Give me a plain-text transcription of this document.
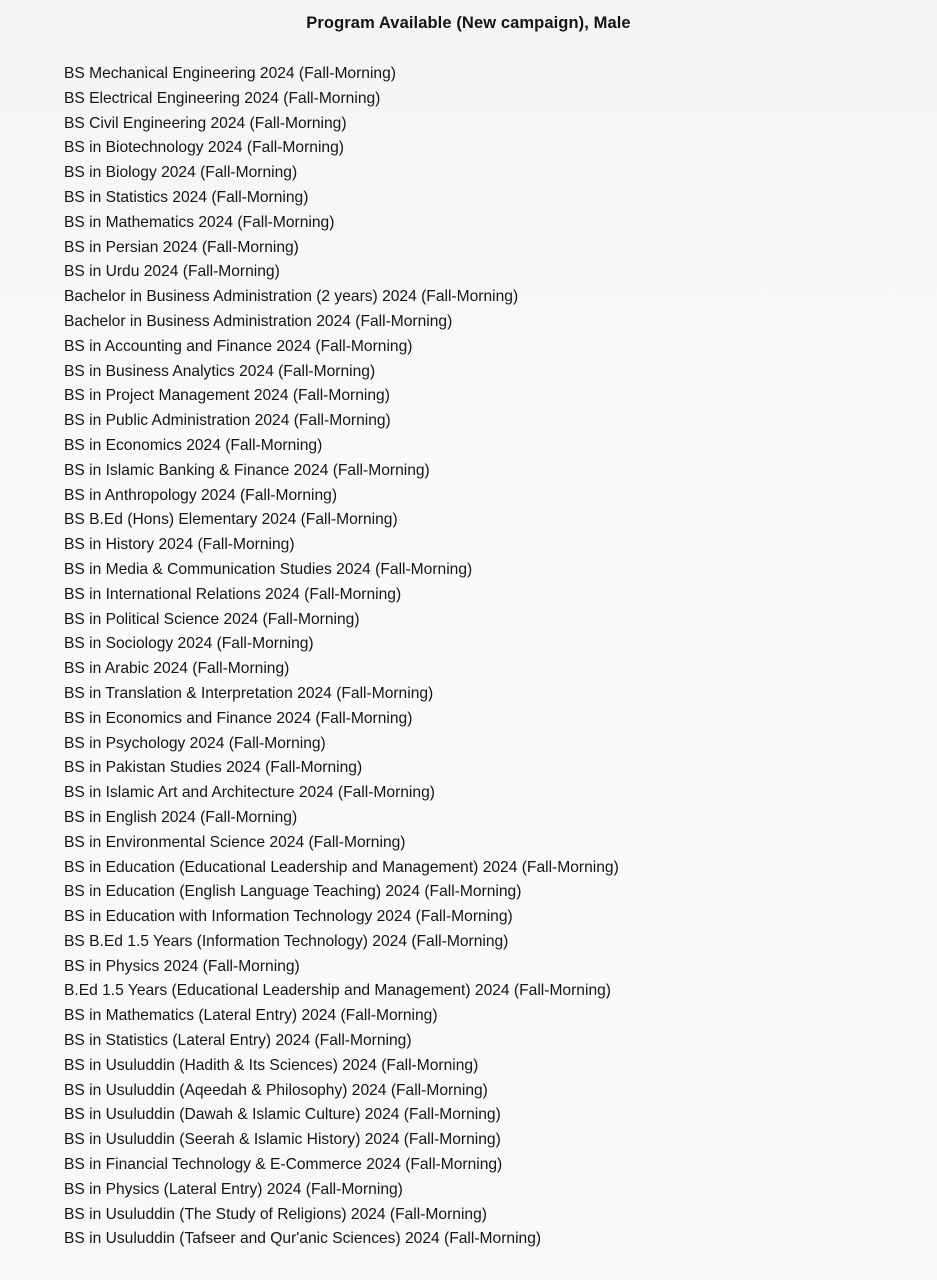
Program Available (New campaign), Male
BS Mechanical Engineering 2024 (Fall-Morning)
BS Electrical Engineering 2024 (Fall-Morning)
BS Civil Engineering 2024 (Fall-Morning)
BS in Biotechnology 2024 (Fall-Morning)
BS in Biology 2024 (Fall-Morning)
BS in Statistics 2024 (Fall-Morning)
BS in Mathematics 2024 (Fall-Morning)
BS in Persian 2024 (Fall-Morning)
BS in Urdu 2024 (Fall-Morning)
Bachelor in Business Administration (2 years) 2024 (Fall-Morning)
Bachelor in Business Administration 2024 (Fall-Morning)
BS in Accounting and Finance 2024 (Fall-Morning)
BS in Business Analytics 2024 (Fall-Morning)
BS in Project Management 2024 (Fall-Morning)
BS in Public Administration 2024 (Fall-Morning)
BS in Economics 2024 (Fall-Morning)
BS in Islamic Banking & Finance 2024 (Fall-Morning)
BS in Anthropology 2024 (Fall-Morning)
BS B.Ed (Hons) Elementary 2024 (Fall-Morning)
BS in History 2024 (Fall-Morning)
BS in Media & Communication Studies 2024 (Fall-Morning)
BS in International Relations 2024 (Fall-Morning)
BS in Political Science 2024 (Fall-Morning)
BS in Sociology 2024 (Fall-Morning)
BS in Arabic 2024 (Fall-Morning)
BS in Translation & Interpretation 2024 (Fall-Morning)
BS in Economics and Finance 2024 (Fall-Morning)
BS in Psychology 2024 (Fall-Morning)
BS in Pakistan Studies 2024 (Fall-Morning)
BS in Islamic Art and Architecture 2024 (Fall-Morning)
BS in English 2024 (Fall-Morning)
BS in Environmental Science 2024 (Fall-Morning)
BS in Education (Educational Leadership and Management) 2024 (Fall-Morning)
BS in Education (English Language Teaching) 2024 (Fall-Morning)
BS in Education with Information Technology 2024 (Fall-Morning)
BS B.Ed 1.5 Years (Information Technology) 2024 (Fall-Morning)
BS in Physics 2024 (Fall-Morning)
B.Ed 1.5 Years (Educational Leadership and Management) 2024 (Fall-Morning)
BS in Mathematics (Lateral Entry) 2024 (Fall-Morning)
BS in Statistics (Lateral Entry) 2024 (Fall-Morning)
BS in Usuluddin (Hadith & Its Sciences) 2024 (Fall-Morning)
BS in Usuluddin (Aqeedah & Philosophy) 2024 (Fall-Morning)
BS in Usuluddin (Dawah & Islamic Culture) 2024 (Fall-Morning)
BS in Usuluddin (Seerah & Islamic History) 2024 (Fall-Morning)
BS in Financial Technology & E-Commerce 2024 (Fall-Morning)
BS in Physics (Lateral Entry) 2024 (Fall-Morning)
BS in Usuluddin (The Study of Religions) 2024 (Fall-Morning)
BS in Usuluddin (Tafseer and Qur'anic Sciences) 2024 (Fall-Morning)
